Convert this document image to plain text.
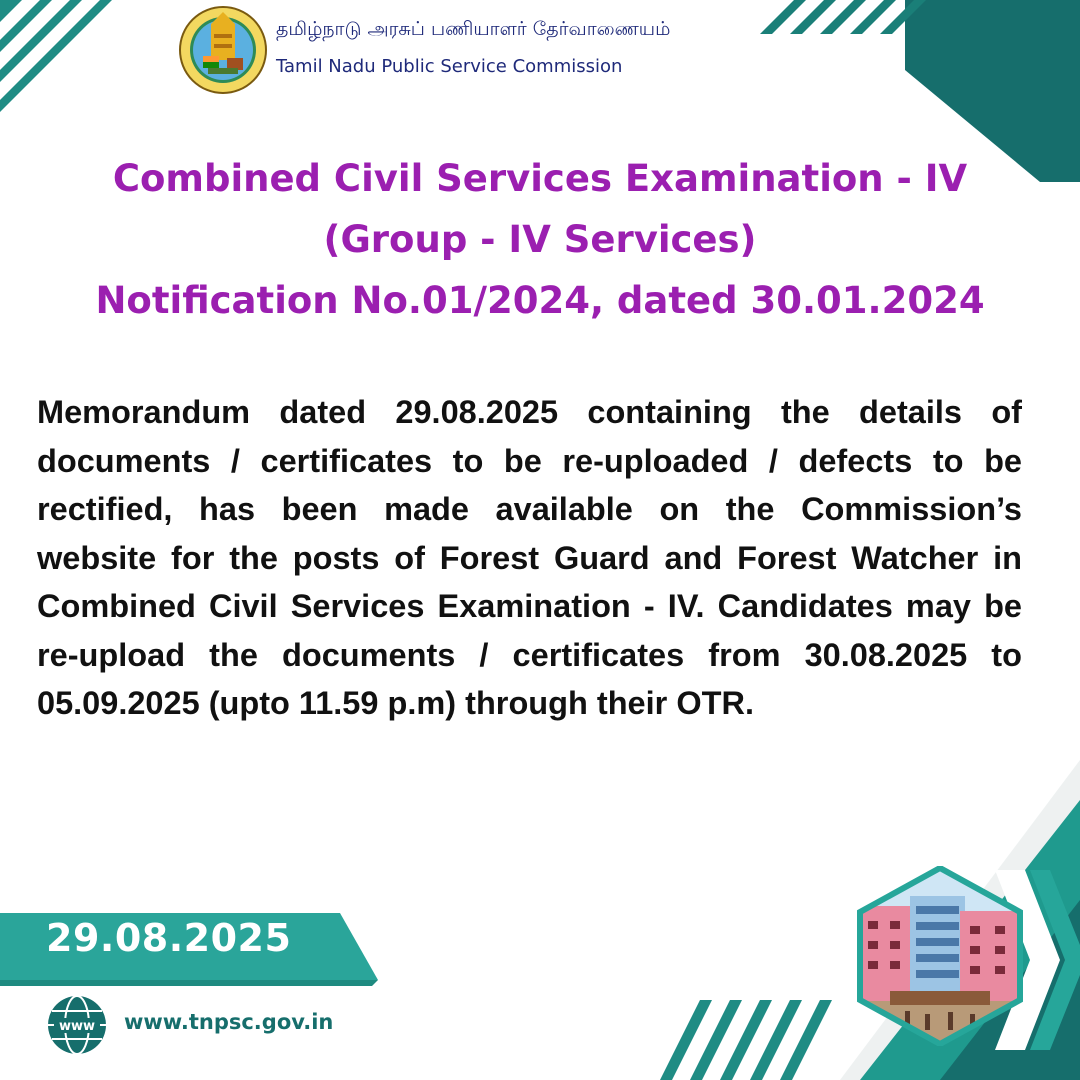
தமிழ்நாடு அரசுப் பணியாளர் தேர்வாணையம்
Tamil Nadu Public Service Commission
Combined Civil Services Examination - IV
(Group - IV Services)
Notification No.01/2024, dated 30.01.2024
Memorandum dated 29.08.2025 containing the details of documents / certificates to be re-uploaded / defects to be rectified, has been made available on the Commission’s website for the posts of Forest Guard and Forest Watcher in Combined Civil Services Examination - IV. Candidates may be re-upload the documents / certificates from 30.08.2025 to 05.09.2025 (upto 11.59 p.m) through their OTR.
29.08.2025
www www.tnpsc.gov.in
